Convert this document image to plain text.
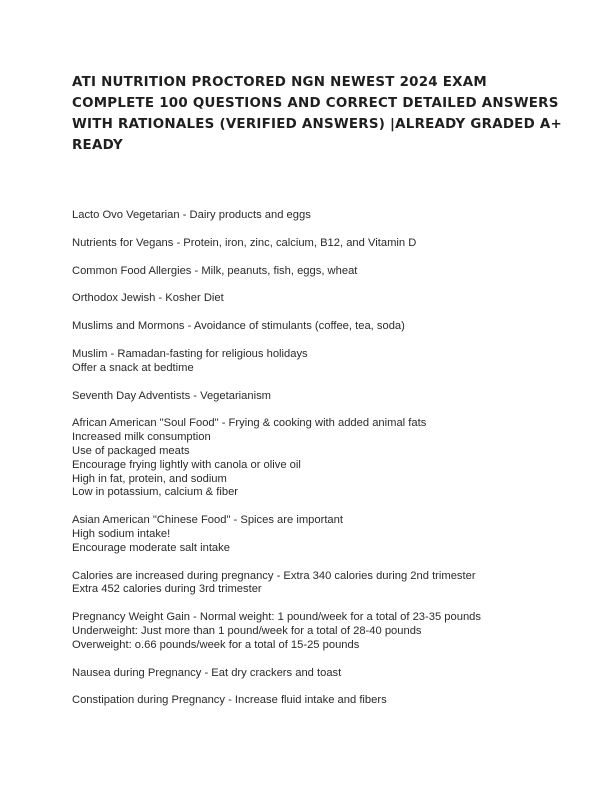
ATI NUTRITION PROCTORED NGN NEWEST 2024 EXAM
COMPLETE 100 QUESTIONS AND CORRECT DETAILED ANSWERS
WITH RATIONALES (VERIFIED ANSWERS) |ALREADY GRADED A+
READY
Lacto Ovo Vegetarian - Dairy products and eggs
Nutrients for Vegans - Protein, iron, zinc, calcium, B12, and Vitamin D
Common Food Allergies - Milk, peanuts, fish, eggs, wheat
Orthodox Jewish - Kosher Diet
Muslims and Mormons - Avoidance of stimulants (coffee, tea, soda)
Muslim - Ramadan-fasting for religious holidays
Offer a snack at bedtime
Seventh Day Adventists - Vegetarianism
African American "Soul Food" - Frying & cooking with added animal fats
Increased milk consumption
Use of packaged meats
Encourage frying lightly with canola or olive oil
High in fat, protein, and sodium
Low in potassium, calcium & fiber
Asian American "Chinese Food" - Spices are important
High sodium intake!
Encourage moderate salt intake
Calories are increased during pregnancy - Extra 340 calories during 2nd trimester
Extra 452 calories during 3rd trimester
Pregnancy Weight Gain - Normal weight: 1 pound/week for a total of 23-35 pounds
Underweight: Just more than 1 pound/week for a total of 28-40 pounds
Overweight: o.66 pounds/week for a total of 15-25 pounds
Nausea during Pregnancy - Eat dry crackers and toast
Constipation during Pregnancy - Increase fluid intake and fibers
